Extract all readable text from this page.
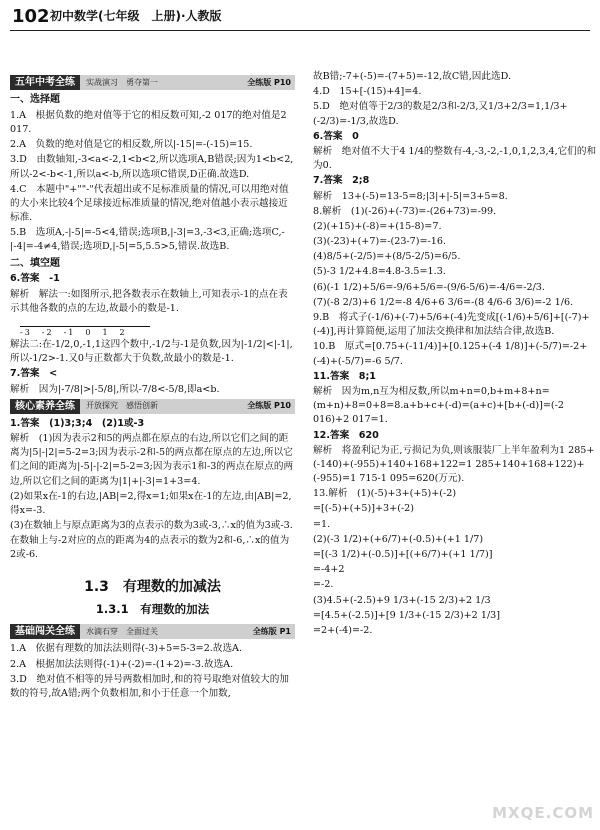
102 初中数学(七年级　上册)·人教版
五年中考全练	实战演习　勇夺第一	全练版 P10
一、选择题

1.A　根据负数的绝对值等于它的相反数可知,-2 017的绝对值是2 017.

2.A　负数的绝对值是它的相反数,所以|-15|=-(-15)=15.

3.D　由数轴知,-3<a<-2,1<b<2,所以选项A,B错误;因为1<b<2,所以-2<-b<-1,所以a<-b,所以选项C错误,D正确.故选D.

4.C　本题中"+""-"代表超出或不足标准质量的情况,可以用绝对值的大小来比较4个足球接近标准质量的情况,绝对值越小表示越接近标准.

5.B　选项A,-|-5|=-5<4,错误;选项B,|-3|=3,-3<3,正确;选项C,-|-4|=-4≠4,错误;选项D,|-5|=5,5.5>5,错误.故选B.

二、填空题

6.答案　-1

解析　解法一:如图所示,把各数表示在数轴上,可知表示-1的点在表示其他各数的点的左边,故最小的数是-1.

-3　-2　-1　0　1　2

解法二:在-1/2,0,-1,1这四个数中,-1/2与-1是负数,因为|-1/2|<|-1|,所以-1/2>-1.又0与正数都大于负数,故最小的数是-1.

7.答案　<

解析　因为|-7/8|>|-5/8|,所以-7/8<-5/8,即a<b.

核心素养全练	开放探究　感悟创新	全练版 P10

1.答案　(1)3;3;4　(2)1或-3

解析　(1)因为表示2和5的两点都在原点的右边,所以它们之间的距离为|5|-|2|=5-2=3;因为表示-2和-5的两点都在原点的左边,所以它们之间的距离为|-5|-|-2|=5-2=3;因为表示1和-3的两点在原点的两边,所以它们之间的距离为|1|+|-3|=1+3=4.

(2)如果x在-1的右边,|AB|=2,得x=1;如果x在-1的左边,由|AB|=2,得x=-3.

(3)在数轴上与原点距离为3的点表示的数为3或-3,∴x的值为3或-3.

在数轴上与-2对应的点的距离为4的点表示的数为2和-6,∴x的值为2或-6.

1.3　有理数的加减法
1.3.1　有理数的加法
基础闯关全练	水滴石穿　全面过关	全练版 P1

1.A　依据有理数的加法法则得(-3)+5=5-3=2.故选A.

2.A　根据加法法则得(-1)+(-2)=-(1+2)=-3.故选A.

3.D　绝对值不相等的异号两数相加时,和的符号取绝对值较大的加数的符号,故A错;两个负数相加,和小于任意一个加数,

故B错;-7+(-5)=-(7+5)=-12,故C错,因此选D.

4.D　15+[-(15)+4]=4.

5.D　绝对值等于2/3的数是2/3和-2/3,又1/3+2/3=1,1/3+(-2/3)=-1/3,故选D.

6.答案　0

解析　绝对值不大于4 1/4的整数有-4,-3,-2,-1,0,1,2,3,4,它们的和为0.

7.答案　2;8

解析　13+(-5)=13-5=8;|3|+|-5|=3+5=8.

8.解析　(1)(-26)+(-73)=-(26+73)=-99.

(2)(+15)+(-8)=+(15-8)=7.

(3)(-23)+(+7)=-(23-7)=-16.

(4)8/5+(-2/5)=+(8/5-2/5)=6/5.

(5)-3 1/2+4.8=4.8-3.5=1.3.

(6)(-1 1/2)+5/6=-9/6+5/6=-(9/6-5/6)=-4/6=-2/3.

(7)(-8 2/3)+6 1/2=-8 4/6+6 3/6=-(8 4/6-6 3/6)=-2 1/6.

9.B　将式子(-1/6)+(-7)+5/6+(-4)先变成[(-1/6)+5/6]+[(-7)+(-4)],再计算简便,运用了加法交换律和加法结合律,故选B.

10.B　原式=[0.75+(-11/4)]+[0.125+(-4 1/8)]+(-5/7)=-2+(-4)+(-5/7)=-6 5/7.

11.答案　8;1

解析　因为m,n互为相反数,所以m+n=0,b+m+8+n=(m+n)+8=0+8=8.a+b+c+(-d)=(a+c)+[b+(-d)]=(-2 016)+2 017=1.

12.答案　620

解析　将盈利记为正,亏损记为负,则该服装厂上半年盈利为1 285+(-140)+(-955)+140+168+122=1 285+140+168+122)+(-955)=1 715-1 095=620(万元).

13.解析　(1)(-5)+3+(+5)+(-2)

=[(-5)+(+5)]+3+(-2)

=1.

(2)(-3 1/2)+(+6/7)+(-0.5)+(+1 1/7)

=[(-3 1/2)+(-0.5)]+[(+6/7)+(+1 1/7)]

=-4+2

=-2.

(3)4.5+(-2.5)+9 1/3+(-15 2/3)+2 1/3

=[4.5+(-2.5)]+[9 1/3+(-15 2/3)+2 1/3]

=2+(-4)=-2.

MXQE.COM
